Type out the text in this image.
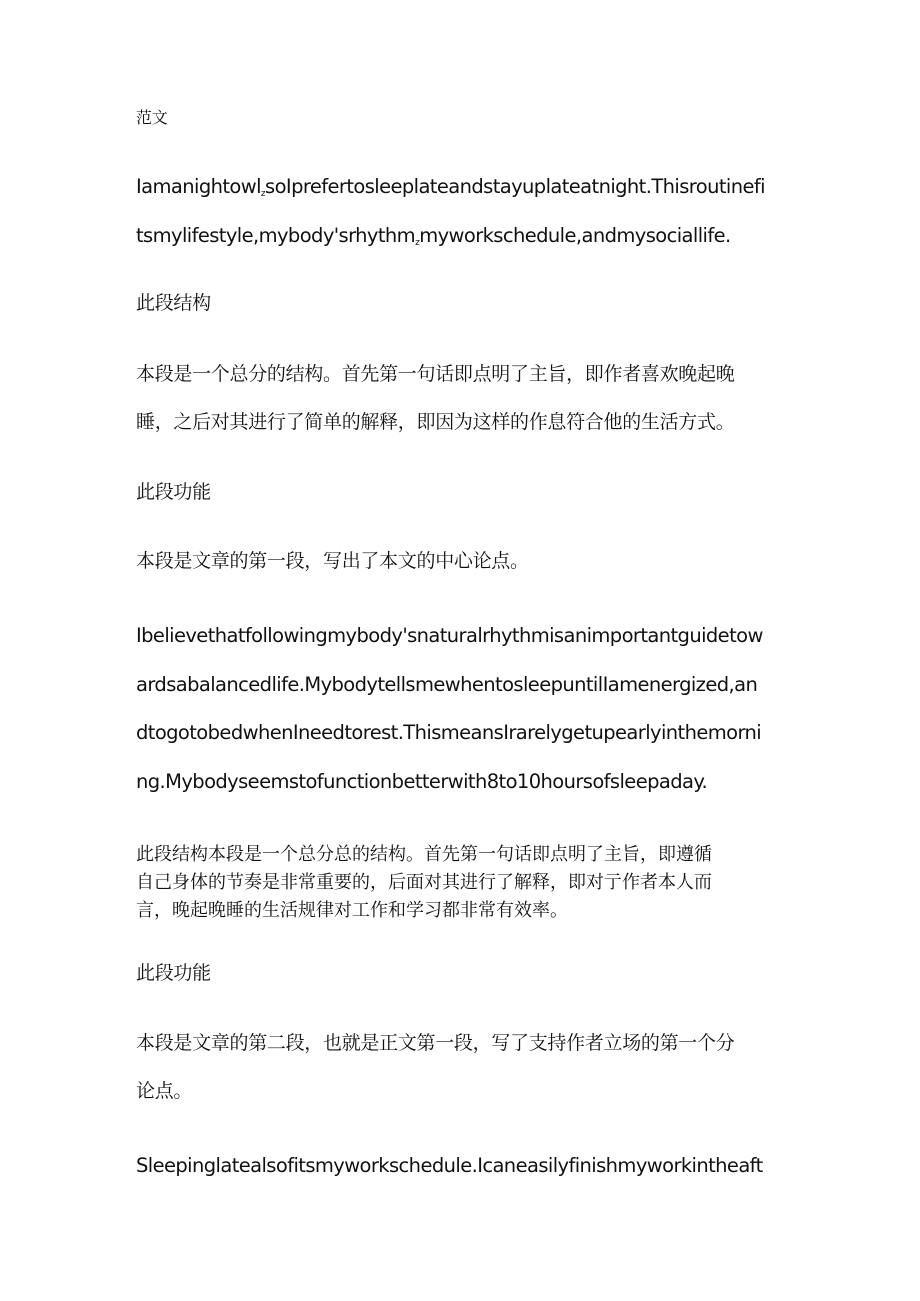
范文

Iamanightowl$_z$soIprefertosleeplateandstayuplateatnight.Thisroutinefi

tsmylifestyle,mybody'srhythm$_z$myworkschedule,andmysociallife.

此段结构

本段是一个总分的结构。首先第一句话即点明了主旨，即作者喜欢晚起晚

睡，之后对其进行了简单的解释，即因为这样的作息符合他的生活方式。

此段功能

本段是文章的第一段，写出了本文的中心论点。

Ibelievethatfollowingmybody'snaturalrhythmisanimportantguidetow

ardsabalancedlife.MybodytellsmewhentosleepuntilIamenergized,an

dtogotobedwhenIneedtorest.ThismeansIrarelygetupearlyinthemorni

ng.Mybodyseemstofunctionbetterwith8to10hoursofsleepaday.

此段结构本段是一个总分总的结构。首先第一句话即点明了主旨，即遵循

自己身体的节奏是非常重要的，后面对其进行了解释，即对亍作者本人而

言，晚起晚睡的生活规律对工作和学习都非常有效率。

此段功能

本段是文章的第二段，也就是正文第一段，写了支持作者立场的第一个分

论点。

Sleepinglatealsofitsmyworkschedule.Icaneasilyfinishmyworkintheaft
